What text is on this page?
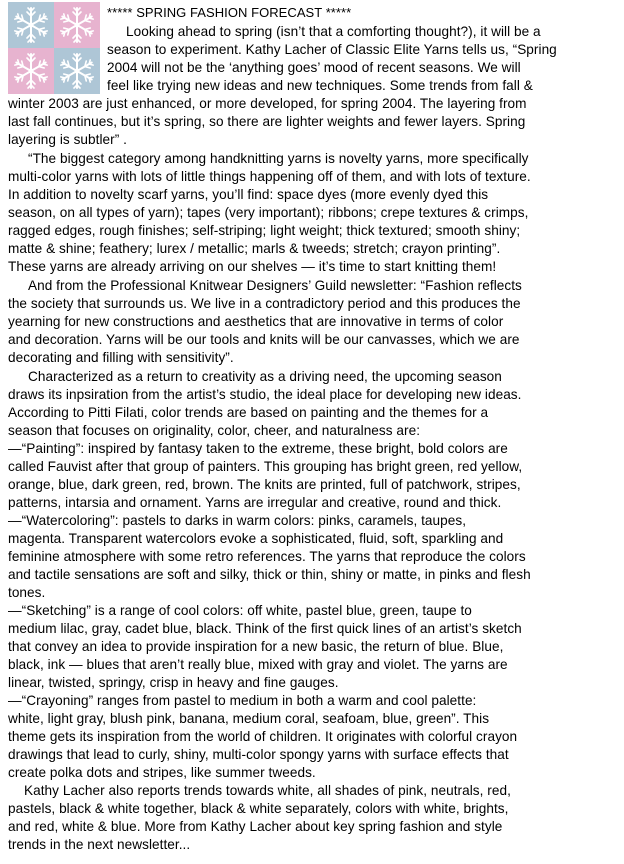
***** SPRING FASHION FORECAST *****
Looking ahead to spring (isn’t that a comforting thought?), it will be a
season to experiment. Kathy Lacher of Classic Elite Yarns tells us, “Spring
2004 will not be the ‘anything goes’ mood of recent seasons. We will
feel like trying new ideas and new techniques. Some trends from fall &
winter 2003 are just enhanced, or more developed, for spring 2004. The layering from
last fall continues, but it’s spring, so there are lighter weights and fewer layers. Spring
layering is subtler” .
“The biggest category among handknitting yarns is novelty yarns, more specifically
multi-color yarns with lots of little things happening off of them, and with lots of texture.
In addition to novelty scarf yarns, you’ll find: space dyes (more evenly dyed this
season, on all types of yarn); tapes (very important); ribbons; crepe textures & crimps,
ragged edges, rough finishes; self-striping; light weight; thick textured; smooth shiny;
matte & shine; feathery; lurex / metallic; marls & tweeds; stretch; crayon printing”.
These yarns are already arriving on our shelves — it’s time to start knitting them!
And from the Professional Knitwear Designers’ Guild newsletter: “Fashion reflects
the society that surrounds us. We live in a contradictory period and this produces the
yearning for new constructions and aesthetics that are innovative in terms of color
and decoration. Yarns will be our tools and knits will be our canvasses, which we are
decorating and filling with sensitivity”.
Characterized as a return to creativity as a driving need, the upcoming season
draws its inpsiration from the artist’s studio, the ideal place for developing new ideas.
According to Pitti Filati, color trends are based on painting and the themes for a
season that focuses on originality, color, cheer, and naturalness are:
—“Painting”: inspired by fantasy taken to the extreme, these bright, bold colors are
called Fauvist after that group of painters. This grouping has bright green, red yellow,
orange, blue, dark green, red, brown. The knits are printed, full of patchwork, stripes,
patterns, intarsia and ornament. Yarns are irregular and creative, round and thick.
—“Watercoloring”: pastels to darks in warm colors: pinks, caramels, taupes,
magenta. Transparent watercolors evoke a sophisticated, fluid, soft, sparkling and
feminine atmosphere with some retro references. The yarns that reproduce the colors
and tactile sensations are soft and silky, thick or thin, shiny or matte, in pinks and flesh
tones.
—“Sketching” is a range of cool colors: off white, pastel blue, green, taupe to
medium lilac, gray, cadet blue, black. Think of the first quick lines of an artist’s sketch
that convey an idea to provide inspiration for a new basic, the return of blue. Blue,
black, ink — blues that aren’t really blue, mixed with gray and violet. The yarns are
linear, twisted, springy, crisp in heavy and fine gauges.
—“Crayoning” ranges from pastel to medium in both a warm and cool palette:
white, light gray, blush pink, banana, medium coral, seafoam, blue, green”. This
theme gets its inspiration from the world of children. It originates with colorful crayon
drawings that lead to curly, shiny, multi-color spongy yarns with surface effects that
create polka dots and stripes, like summer tweeds.
Kathy Lacher also reports trends towards white, all shades of pink, neutrals, red,
pastels, black & white together, black & white separately, colors with white, brights,
and red, white & blue. More from Kathy Lacher about key spring fashion and style
trends in the next newsletter...
